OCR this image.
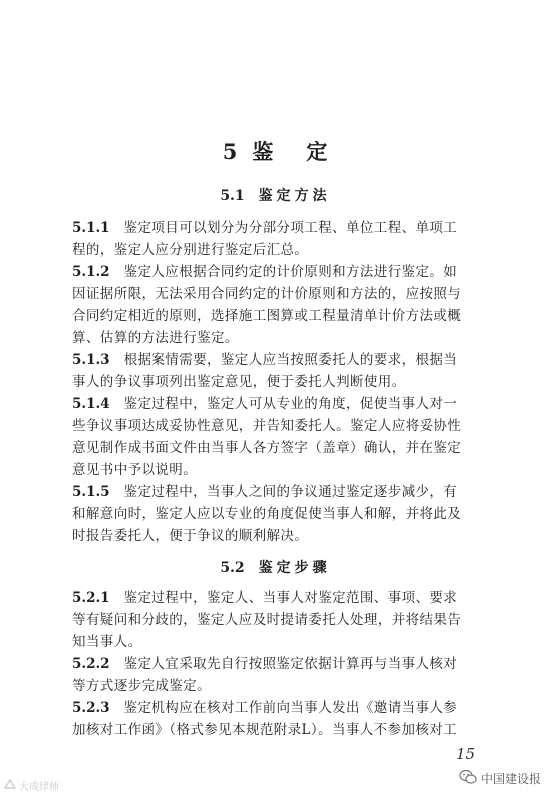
5 鉴 定
5.1 鉴定方法
5.1.1 鉴定项目可以划分为分部分项工程、单位工程、单项工
程的，鉴定人应分别进行鉴定后汇总。
5.1.2 鉴定人应根据合同约定的计价原则和方法进行鉴定。如
因证据所限，无法采用合同约定的计价原则和方法的，应按照与
合同约定相近的原则，选择施工图算或工程量清单计价方法或概
算、估算的方法进行鉴定。
5.1.3 根据案情需要，鉴定人应当按照委托人的要求，根据当
事人的争议事项列出鉴定意见，便于委托人判断使用。
5.1.4 鉴定过程中，鉴定人可从专业的角度，促使当事人对一
些争议事项达成妥协性意见，并告知委托人。鉴定人应将妥协性
意见制作成书面文件由当事人各方签字（盖章）确认，并在鉴定
意见书中予以说明。
5.1.5 鉴定过程中，当事人之间的争议通过鉴定逐步减少，有
和解意向时，鉴定人应以专业的角度促使当事人和解，并将此及
时报告委托人，便于争议的顺利解决。
5.2 鉴定步骤
5.2.1 鉴定过程中，鉴定人、当事人对鉴定范围、事项、要求
等有疑问和分歧的，鉴定人应及时提请委托人处理，并将结果告
知当事人。
5.2.2 鉴定人宜采取先自行按照鉴定依据计算再与当事人核对
等方式逐步完成鉴定。
5.2.3 鉴定机构应在核对工作前向当事人发出《邀请当事人参
加核对工作函》（格式参见本规范附录L）。当事人不参加核对工
15
大成律师
中国建设报
